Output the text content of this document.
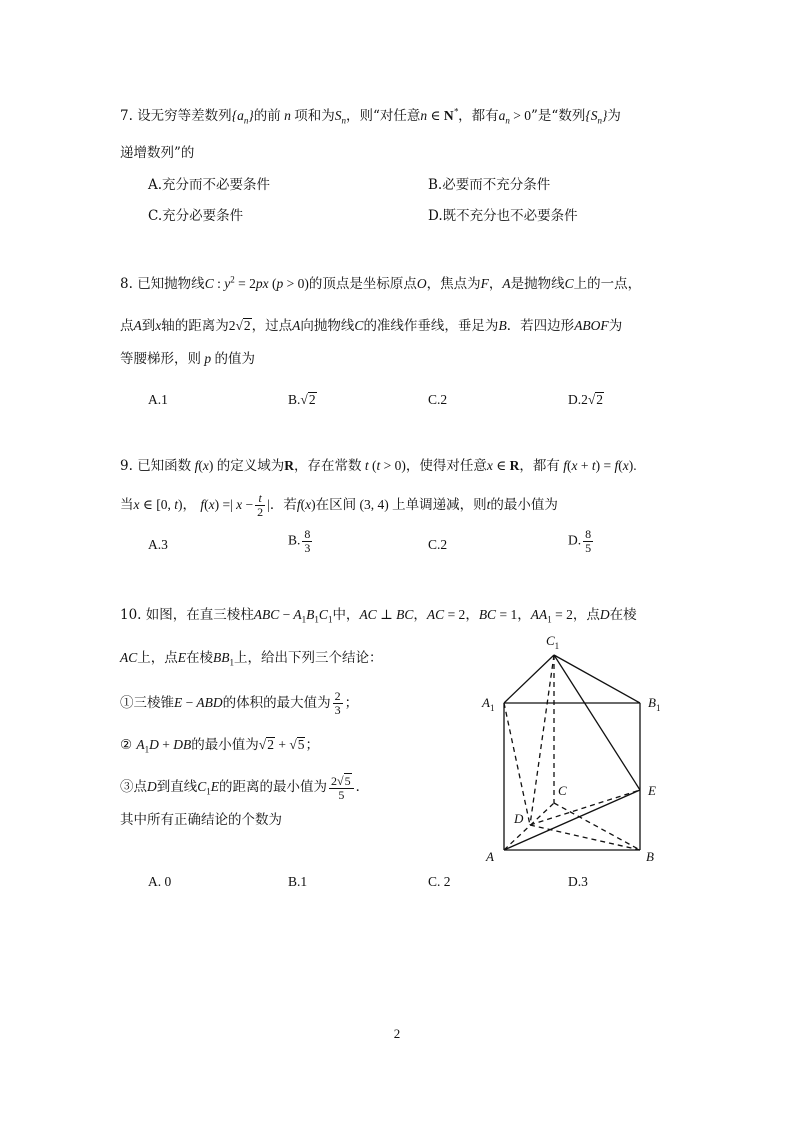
7. 设无穷等差数列$\{a_n\}$的前 n 项和为$S_n$，则“对任意n ∈ N*，都有$a_n > 0$”是“数列$\{S_n\}$为
递增数列”的
A.充分而不必要条件	B.必要而不充分条件
C.充分必要条件	D.既不充分也不必要条件
8. 已知抛物线C : $y^2 = 2px$ (p > 0)的顶点是坐标原点O，焦点为F，A是抛物线C上的一点，
点A到x轴的距离为2√2，过点A向抛物线C的准线作垂线，垂足为B．若四边形ABOF为
等腰梯形，则 p 的值为
A.1	B.√2	C.2	D.2√2
9. 已知函数 f(x) 的定义域为R，存在常数 t (t > 0)，使得对任意x ∈ R，都有 f(x + t) = f(x).
当x ∈ [0, t)， f(x) =| $x - \frac{t}{2}$ |．若f(x)在区间 (3, 4) 上单调递减，则t的最小值为
A.3	B. $\frac{8}{3}$	C.2	D. $\frac{8}{5}$
10. 如图，在直三棱柱ABC − $A_1B_1C_1$中，AC ⊥ BC，AC = 2，BC = 1，$AA_1 = 2$，点D在棱
AC上，点E在棱$BB_1$上，给出下列三个结论：
①三棱锥E − ABD的体积的最大值为 $\frac{2}{3}$ ；
② $A_1D$ + DB的最小值为√2 + √5；
③点D到直线$C_1E$的距离的最小值为 $\frac{2√5}{5}$ ．
其中所有正确结论的个数为
$C_1$
$A_1$	$B_1$
E
C
D
A	B
A. 0	B.1	C. 2	D.3
2
